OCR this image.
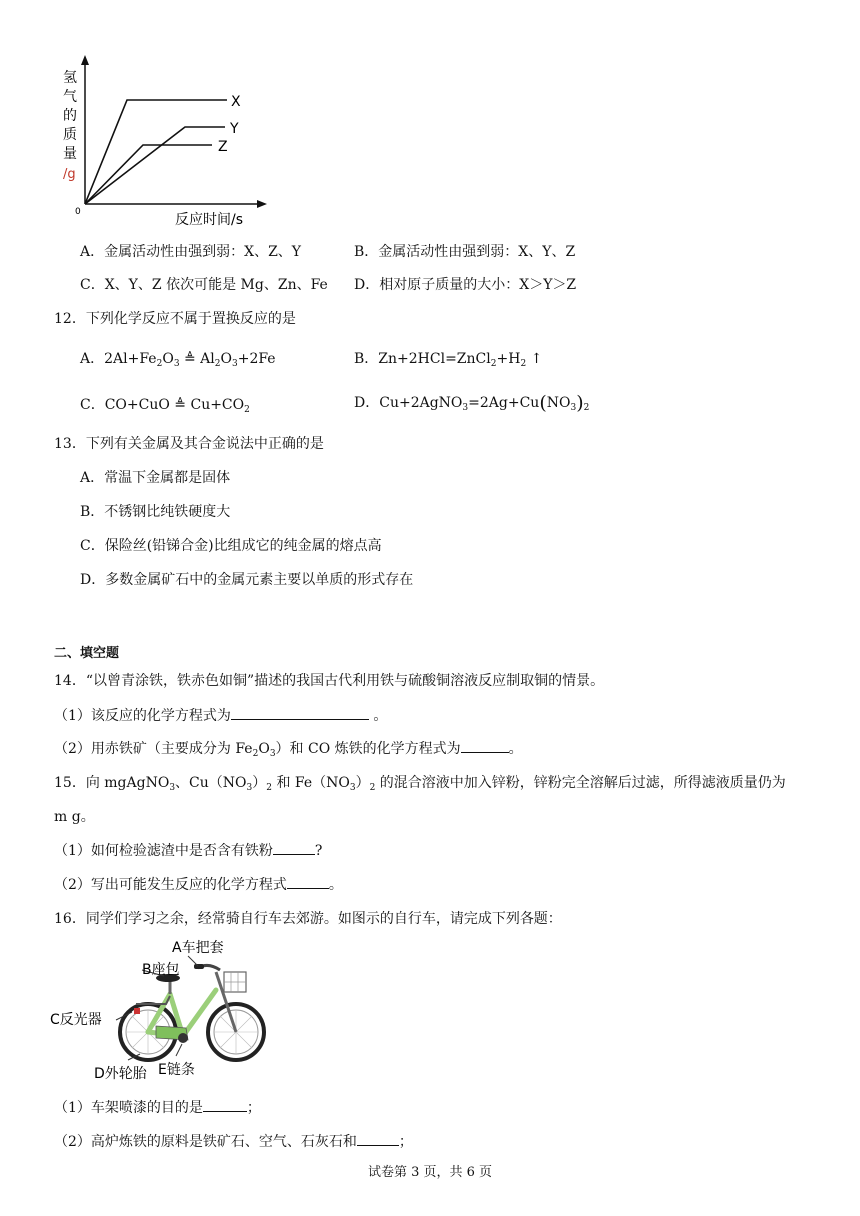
X
Y
Z
氢
气
的
质
量
/g
0	反应时间/s
A．金属活动性由强到弱：X、Z、Y	B．金属活动性由强到弱：X、Y、Z
C．X、Y、Z 依次可能是 Mg、Zn、Fe D．相对原子质量的大小：X＞Y＞Z
12．下列化学反应不属于置换反应的是
A．$2Al+Fe_2O_3$ ≜ $Al_2O_3+2Fe$	B．$Zn+2HCl=ZnCl_2+H_2$ ↑
C．CO+CuO ≜ $Cu+CO_2$	D．$Cu+2AgNO_3=2Ag+Cu(NO_3)_2$
13．下列有关金属及其合金说法中正确的是
A．常温下金属都是固体
B．不锈钢比纯铁硬度大
C．保险丝(铅锑合金)比组成它的纯金属的熔点高
D．多数金属矿石中的金属元素主要以单质的形式存在
二、填空题
14．“以曾青涂铁，铁赤色如铜”描述的我国古代利用铁与硫酸铜溶液反应制取铜的情景。
（1）该反应的化学方程式为	。
（2）用赤铁矿（主要成分为 $Fe_2O_3$）和 CO 炼铁的化学方程式为	。
15．向 mgAgNO$_3$、$Cu(NO_3)_2$ 和 $Fe(NO_3)_2$ 的混合溶液中加入锌粉，锌粉完全溶解后过滤，所得滤液质量仍为
m g。
（1）如何检验滤渣中是否含有铁粉	?
（2）写出可能发生反应的化学方程式	。
16．同学们学习之余，经常骑自行车去郊游。如图示的自行车，请完成下列各题：
A车把套
B座包
C反光器
D外轮胎 E链条
（1）车架喷漆的目的是	；
（2）高炉炼铁的原料是铁矿石、空气、石灰石和	；
试卷第 3 页，共 6 页
